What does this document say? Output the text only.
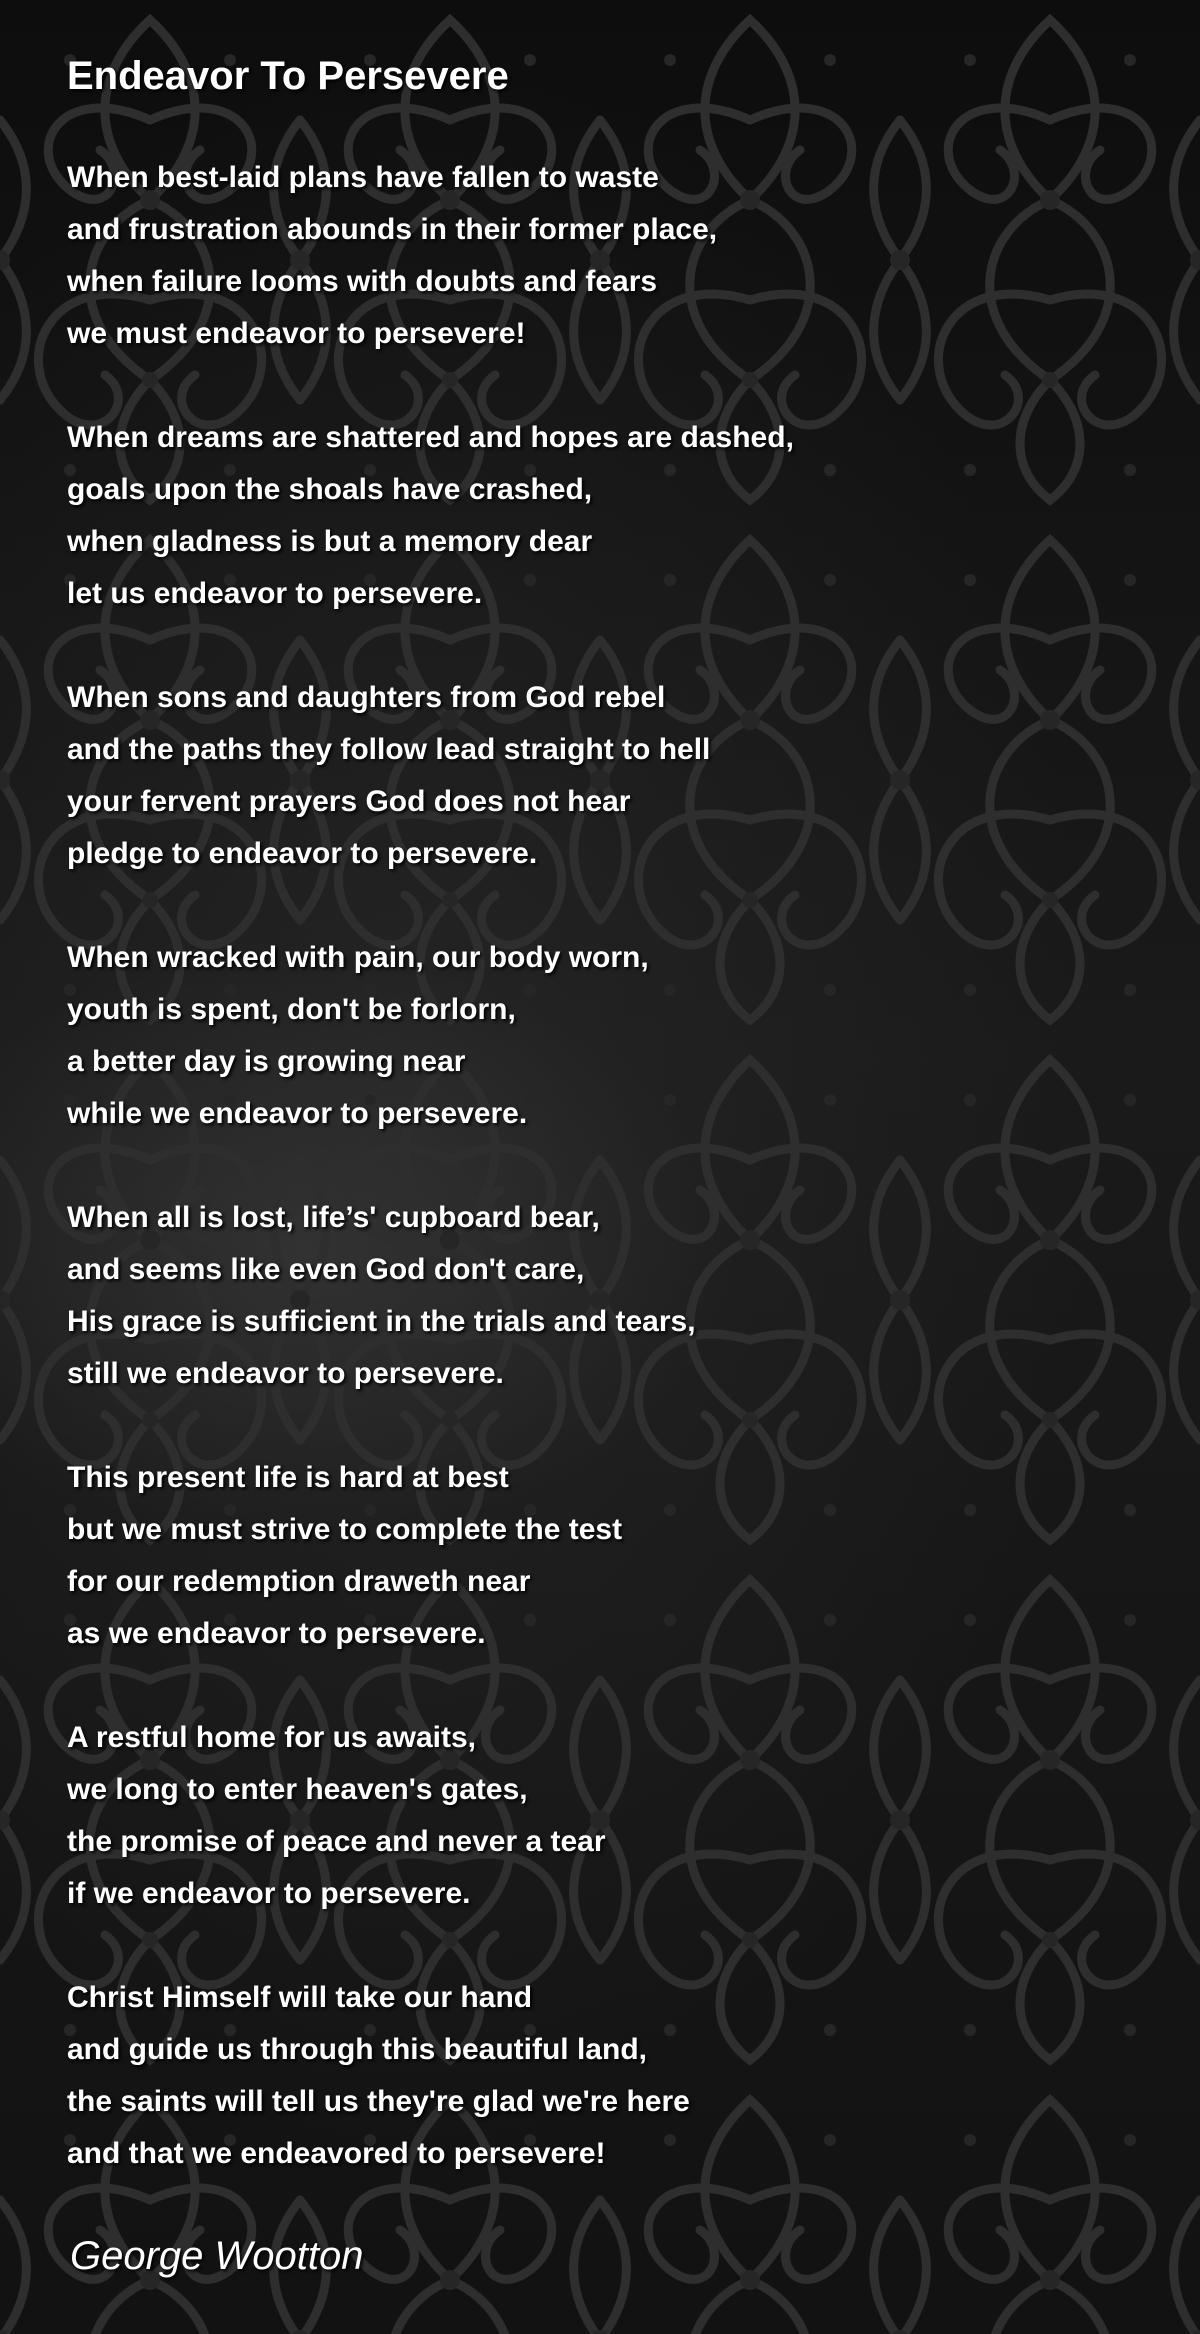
Endeavor To Persevere
When best-laid plans have fallen to waste
and frustration abounds in their former place,
when failure looms with doubts and fears
we must endeavor to persevere!
When dreams are shattered and hopes are dashed,
goals upon the shoals have crashed,
when gladness is but a memory dear
let us endeavor to persevere.
When sons and daughters from God rebel
and the paths they follow lead straight to hell
your fervent prayers God does not hear
pledge to endeavor to persevere.
When wracked with pain, our body worn,
youth is spent, don't be forlorn,
a better day is growing near
while we endeavor to persevere.
When all is lost, life’s' cupboard bear,
and seems like even God don't care,
His grace is sufficient in the trials and tears,
still we endeavor to persevere.
This present life is hard at best
but we must strive to complete the test
for our redemption draweth near
as we endeavor to persevere.
A restful home for us awaits,
we long to enter heaven's gates,
the promise of peace and never a tear
if we endeavor to persevere.
Christ Himself will take our hand
and guide us through this beautiful land,
the saints will tell us they're glad we're here
and that we endeavored to persevere!
George Wootton
